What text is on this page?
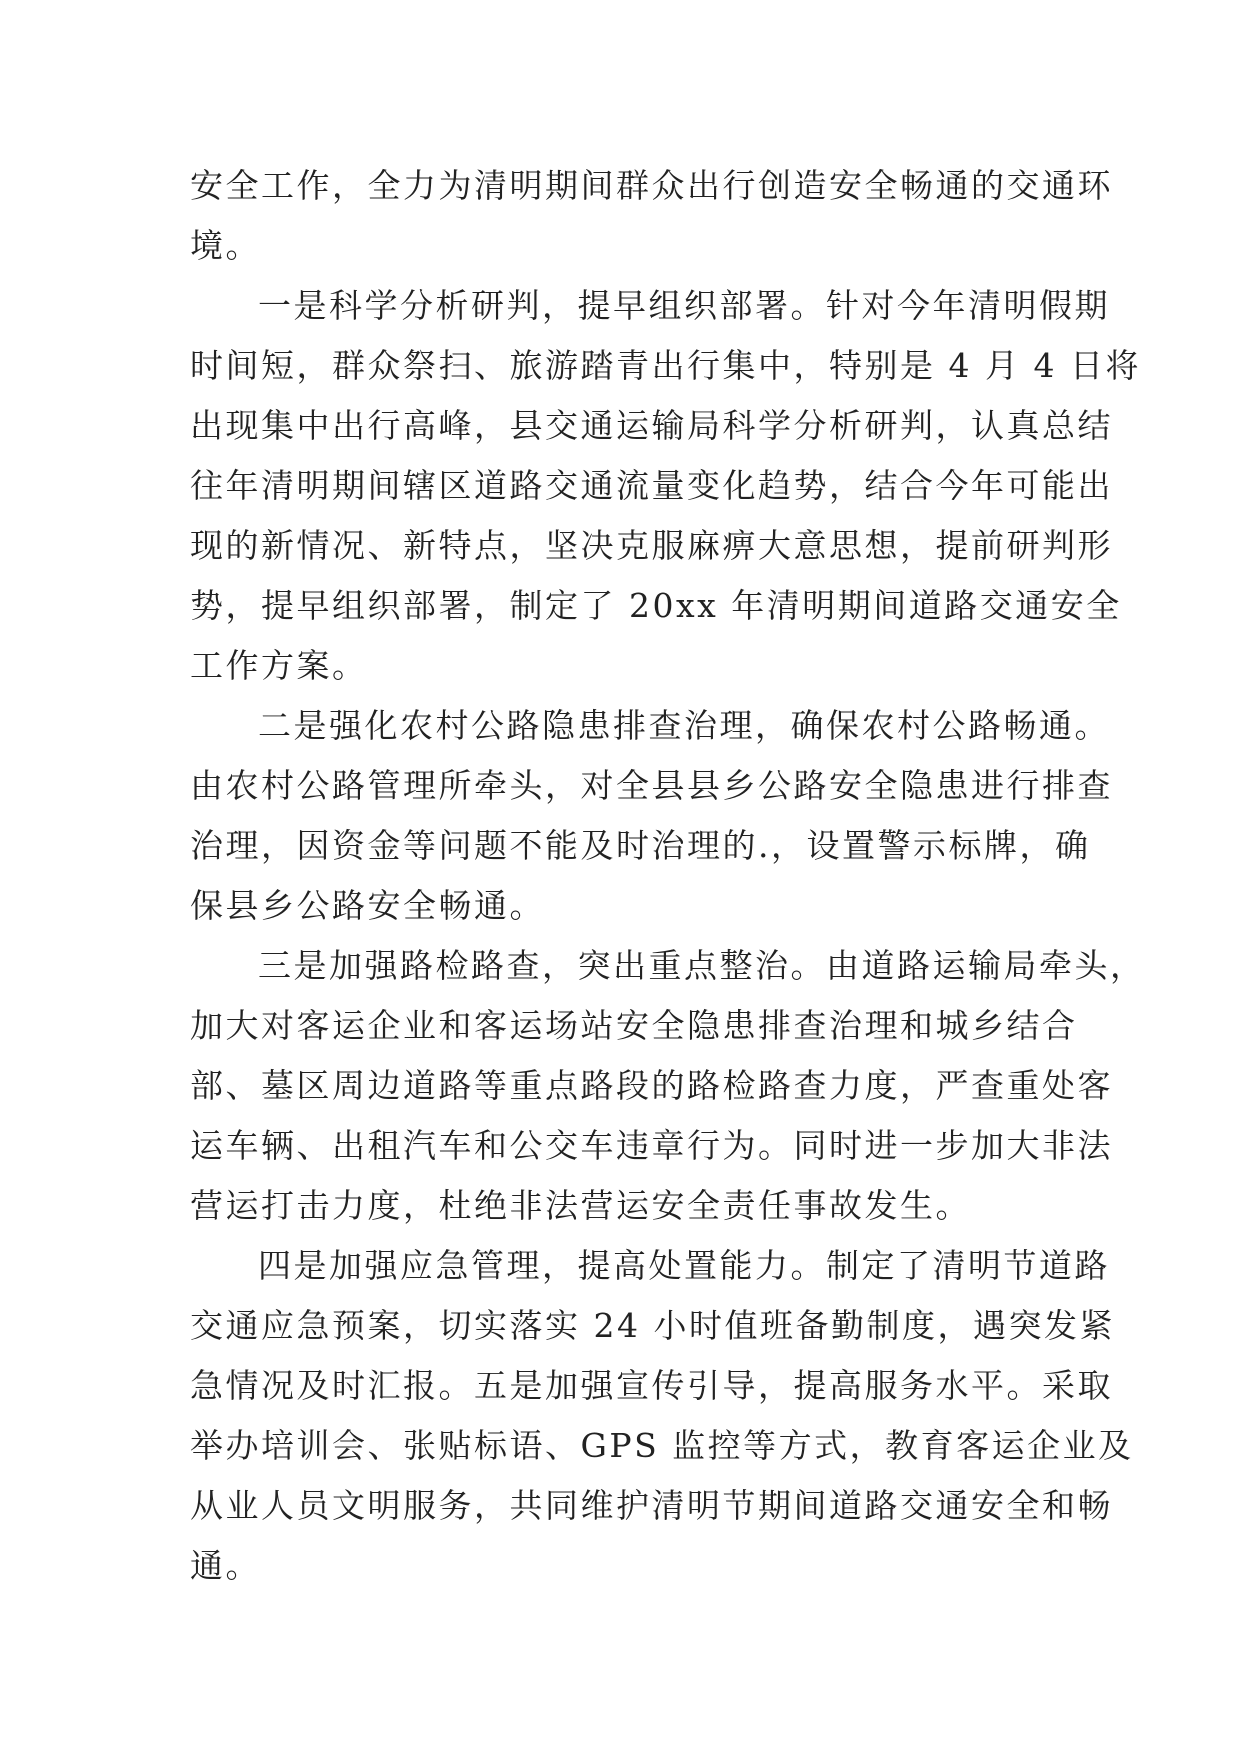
安全工作，全力为清明期间群众出行创造安全畅通的交通环
境。
一是科学分析研判，提早组织部署。针对今年清明假期
时间短，群众祭扫、旅游踏青出行集中，特别是 4 月 4 日将
出现集中出行高峰，县交通运输局科学分析研判，认真总结
往年清明期间辖区道路交通流量变化趋势，结合今年可能出
现的新情况、新特点，坚决克服麻痹大意思想，提前研判形
势，提早组织部署，制定了 20xx 年清明期间道路交通安全
工作方案。
二是强化农村公路隐患排查治理，确保农村公路畅通。
由农村公路管理所牵头，对全县县乡公路安全隐患进行排查
治理，因资金等问题不能及时治理的.，设置警示标牌，确
保县乡公路安全畅通。
三是加强路检路查，突出重点整治。由道路运输局牵头，
加大对客运企业和客运场站安全隐患排查治理和城乡结合
部、墓区周边道路等重点路段的路检路查力度，严查重处客
运车辆、出租汽车和公交车违章行为。同时进一步加大非法
营运打击力度，杜绝非法营运安全责任事故发生。
四是加强应急管理，提高处置能力。制定了清明节道路
交通应急预案，切实落实 24 小时值班备勤制度，遇突发紧
急情况及时汇报。五是加强宣传引导，提高服务水平。采取
举办培训会、张贴标语、GPS 监控等方式，教育客运企业及
从业人员文明服务，共同维护清明节期间道路交通安全和畅
通。
